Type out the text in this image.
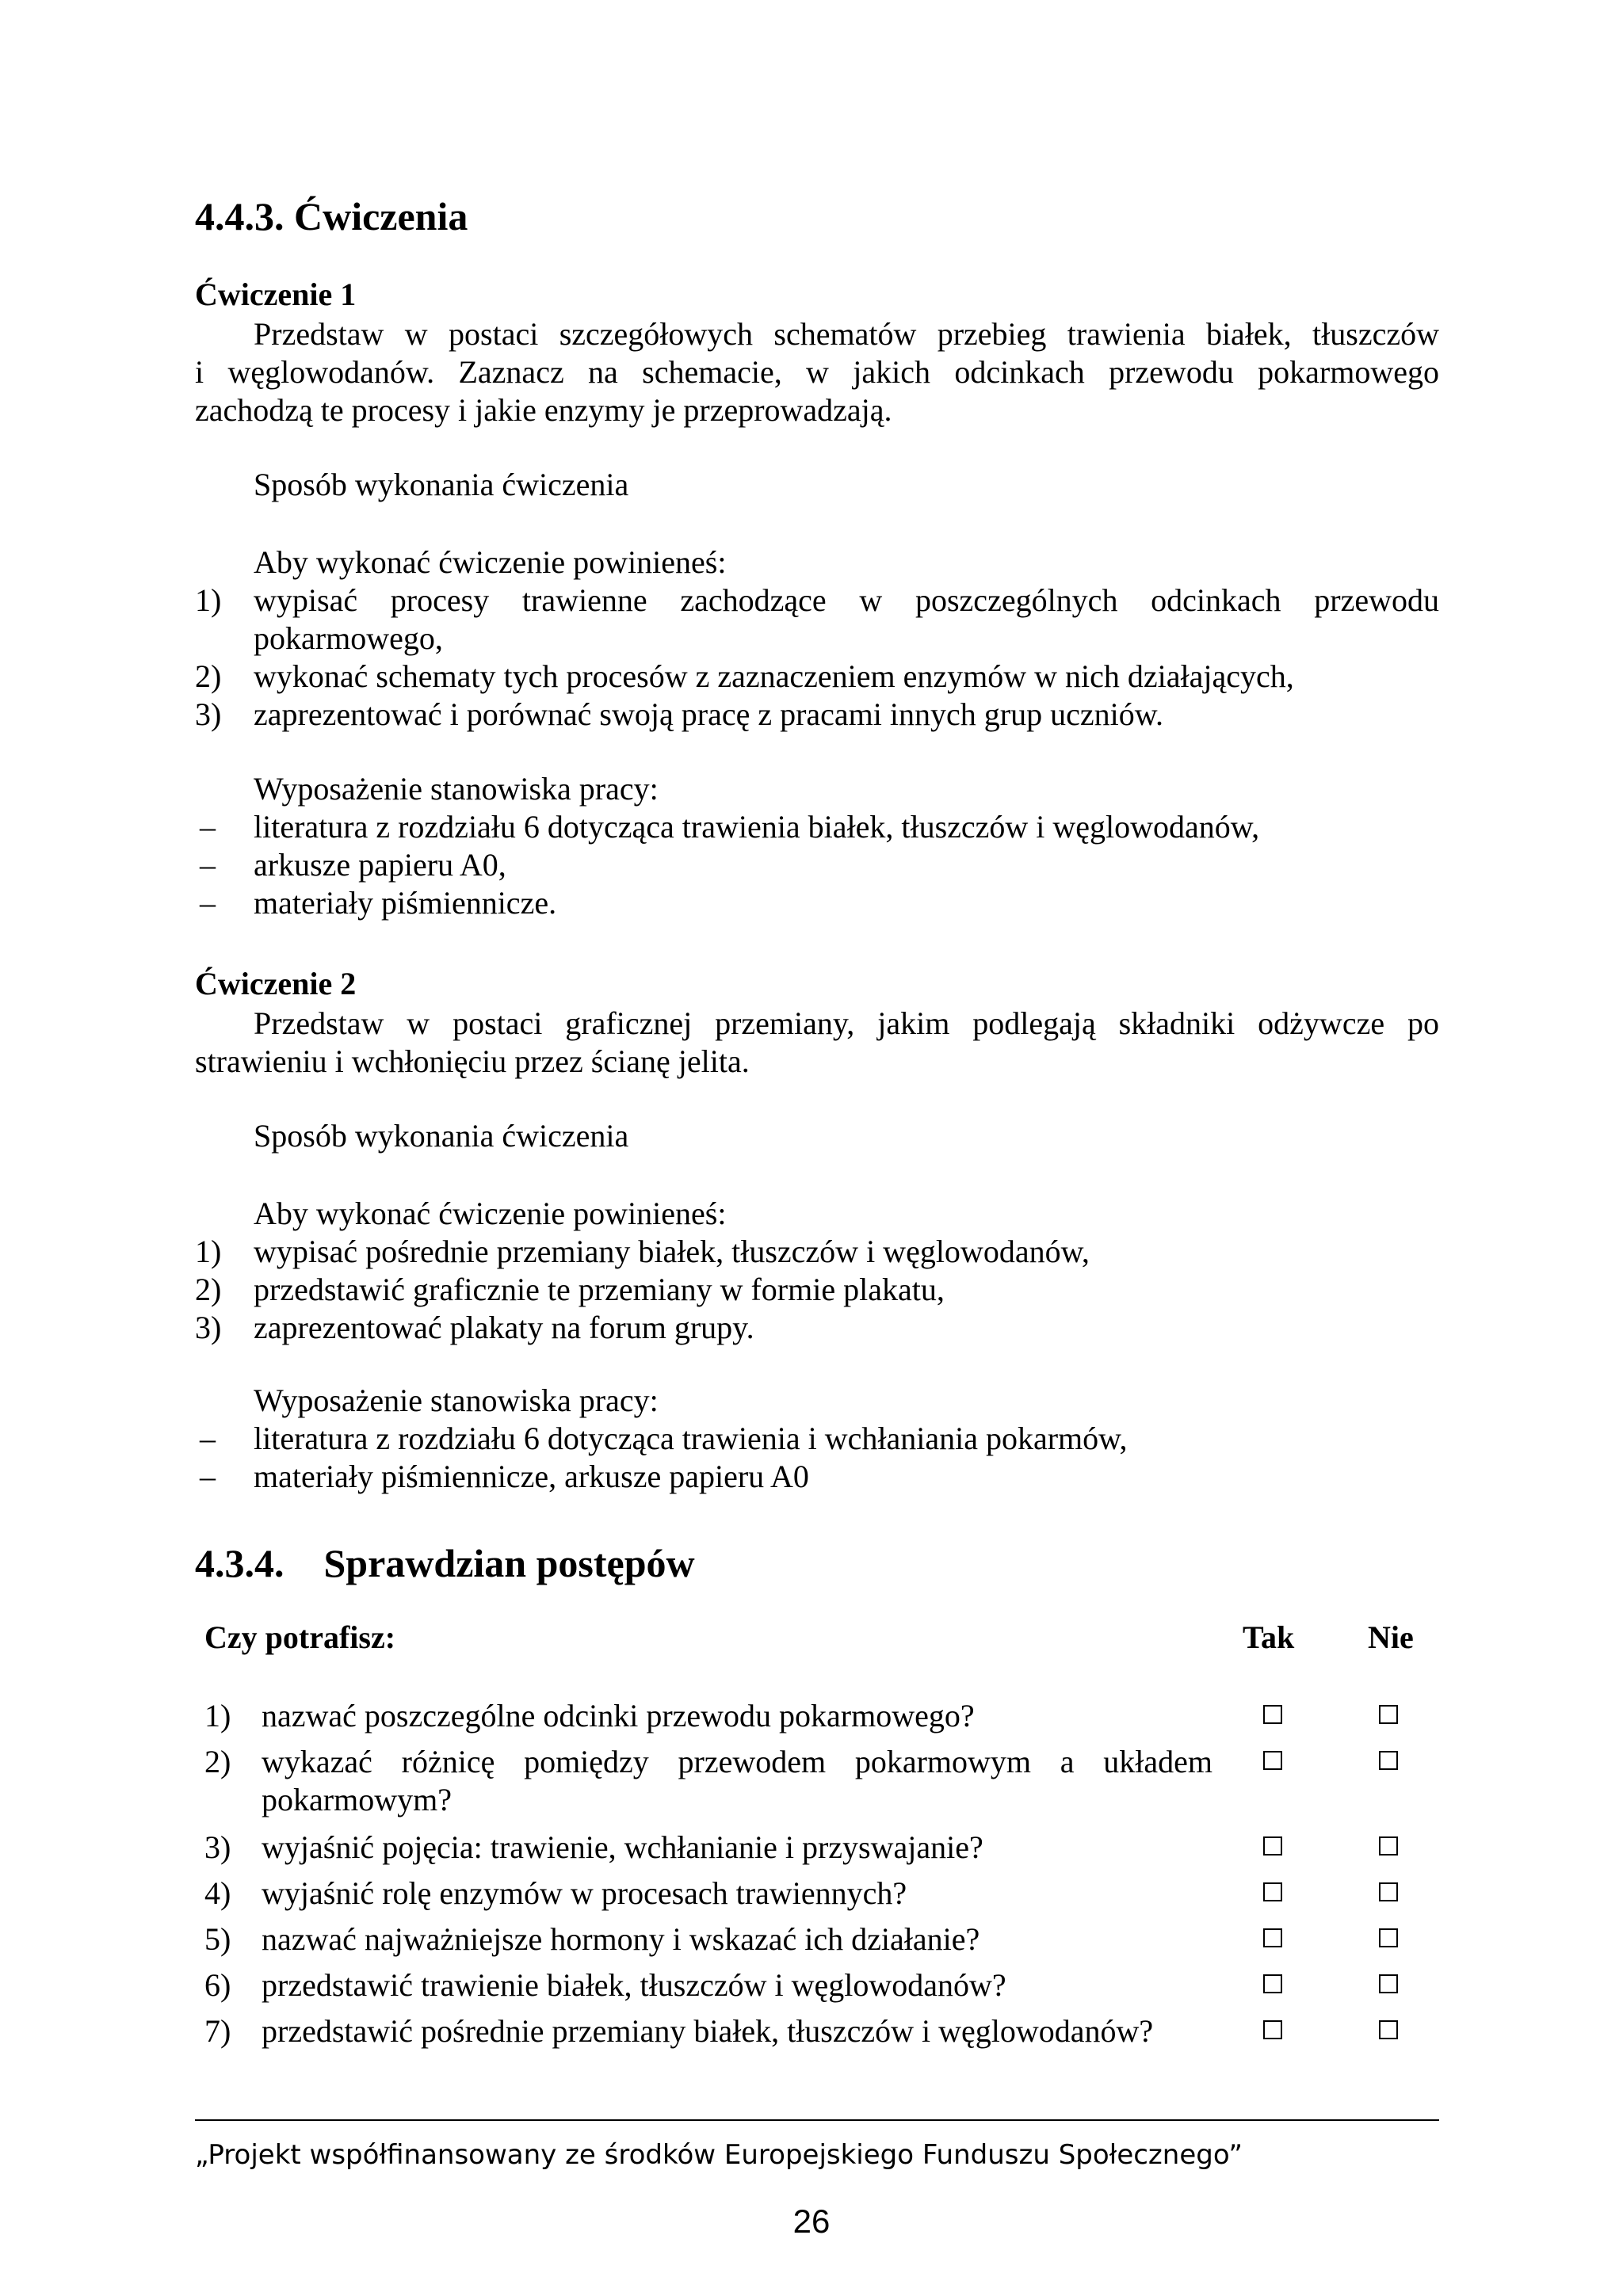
4.4.3. Ćwiczenia
Ćwiczenie 1
Przedstaw w postaci szczegółowych schematów przebieg trawienia białek, tłuszczów
i węglowodanów. Zaznacz na schemacie, w jakich odcinkach przewodu pokarmowego
zachodzą te procesy i jakie enzymy je przeprowadzają.
Sposób wykonania ćwiczenia
Aby wykonać ćwiczenie powinieneś:
1) wypisać procesy trawienne zachodzące w poszczególnych odcinkach przewodu pokarmowego,
2) wykonać schematy tych procesów z zaznaczeniem enzymów w nich działających,
3) zaprezentować i porównać swoją pracę z pracami innych grup uczniów.
Wyposażenie stanowiska pracy:
– literatura z rozdziału 6 dotycząca trawienia białek, tłuszczów i węglowodanów,
– arkusze papieru A0,
– materiały piśmiennicze.
Ćwiczenie 2
Przedstaw w postaci graficznej przemiany, jakim podlegają składniki odżywcze po
strawieniu i wchłonięciu przez ścianę jelita.
Sposób wykonania ćwiczenia
Aby wykonać ćwiczenie powinieneś:
1) wypisać pośrednie przemiany białek, tłuszczów i węglowodanów,
2) przedstawić graficznie te przemiany w formie plakatu,
3) zaprezentować plakaty na forum grupy.
Wyposażenie stanowiska pracy:
– literatura z rozdziału 6 dotycząca trawienia i wchłaniania pokarmów,
– materiały piśmiennicze, arkusze papieru A0
4.3.4. Sprawdzian postępów
Czy potrafisz:	Tak Nie
1) nazwać poszczególne odcinki przewodu pokarmowego?
2) wykazać różnicę pomiędzy przewodem pokarmowym a układem pokarmowym?
3) wyjaśnić pojęcia: trawienie, wchłanianie i przyswajanie?
4) wyjaśnić rolę enzymów w procesach trawiennych?
5) nazwać najważniejsze hormony i wskazać ich działanie?
6) przedstawić trawienie białek, tłuszczów i węglowodanów?
7) przedstawić pośrednie przemiany białek, tłuszczów i węglowodanów?
„Projekt współfinansowany ze środków Europejskiego Funduszu Społecznego”
26
